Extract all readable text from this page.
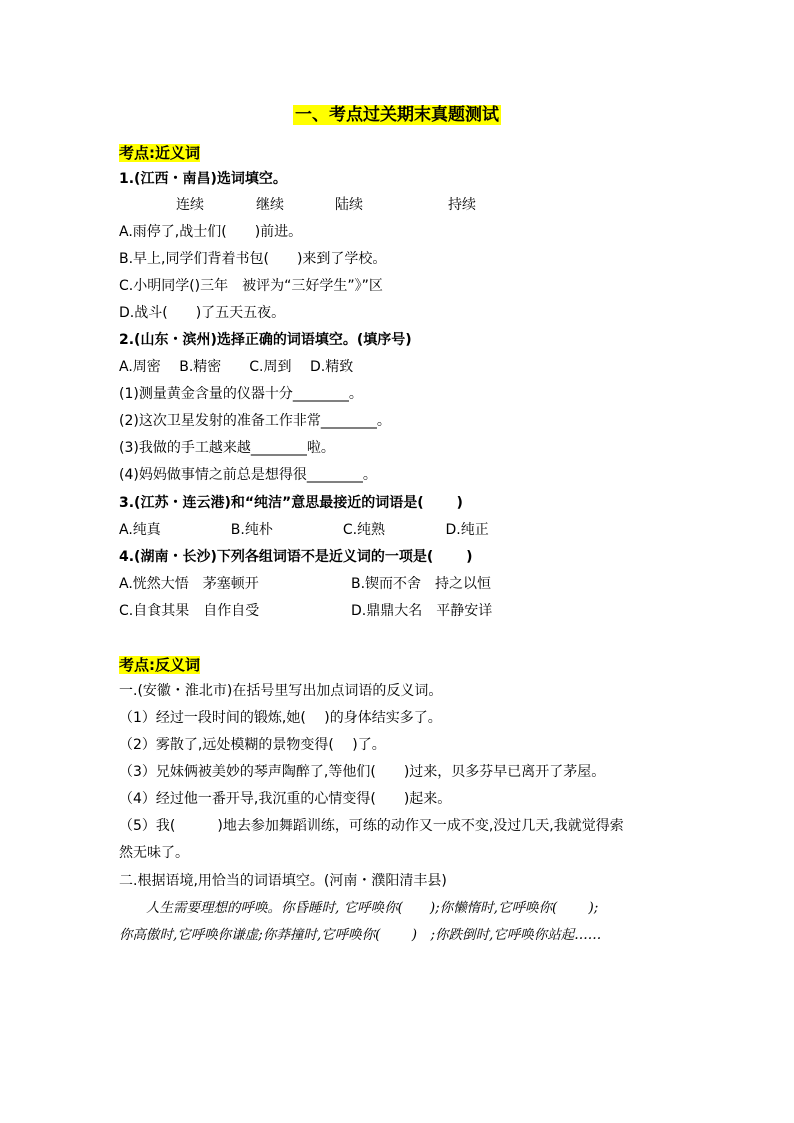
一、考点过关期末真题测试
考点:近义词
1.(江西・南昌)选词填空。
连续	继续	陆续	持续
A.雨停了,战士们(　　)前进。
B.早上,同学们背着书包(　　)来到了学校。
C.小明同学()三年　被评为“三好学生”》”区
D.战斗(　　)了五天五夜。
2.(山东・滨州)选择正确的词语填空。(填序号)
A.周密　 B.精密　　C.周到　 D.精致
(1)测量黄金含量的仪器十分________。
(2)这次卫星发射的准备工作非常________。
(3)我做的手工越来越________啦。
(4)妈妈做事情之前总是想得很________。
3.(江苏・连云港)和“纯洁”意思最接近的词语是(　　 )
A.纯真　　　　　B.纯朴　　　　　C.纯熟　　　　 D.纯正
4.(湖南・长沙)下列各组词语不是近义词的一项是(　　 )
A.恍然大悟　茅塞顿开	B.锲而不舍　持之以恒
C.自食其果　自作自受	D.鼎鼎大名　平静安详
考点:反义词
一.(安徽・淮北市)在括号里写出加点词语的反义词。
（1）经过一段时间的锻炼,她(　 )的身体结实多了。
（2）雾散了,远处模糊的景物变得(　 )了。
（3）兄妹俩被美妙的琴声陶醉了,等他们(　　)过来，贝多芬早已离开了茅屋。
（4）经过他一番开导,我沉重的心情变得(　　)起来。
（5）我(　　　)地去参加舞蹈训练，可练的动作又一成不变,没过几天,我就觉得索
然无味了。
二.根据语境,用恰当的词语填空。(河南・濮阳清丰县)
　　人生需要理想的呼唤。你昏睡时, 它呼唤你(　　);你懒惰时,它呼唤你(　　 );
你高傲时,它呼唤你谦虚;你莽撞时,它呼唤你(　　 )　;你跌倒时,它呼唤你站起……
